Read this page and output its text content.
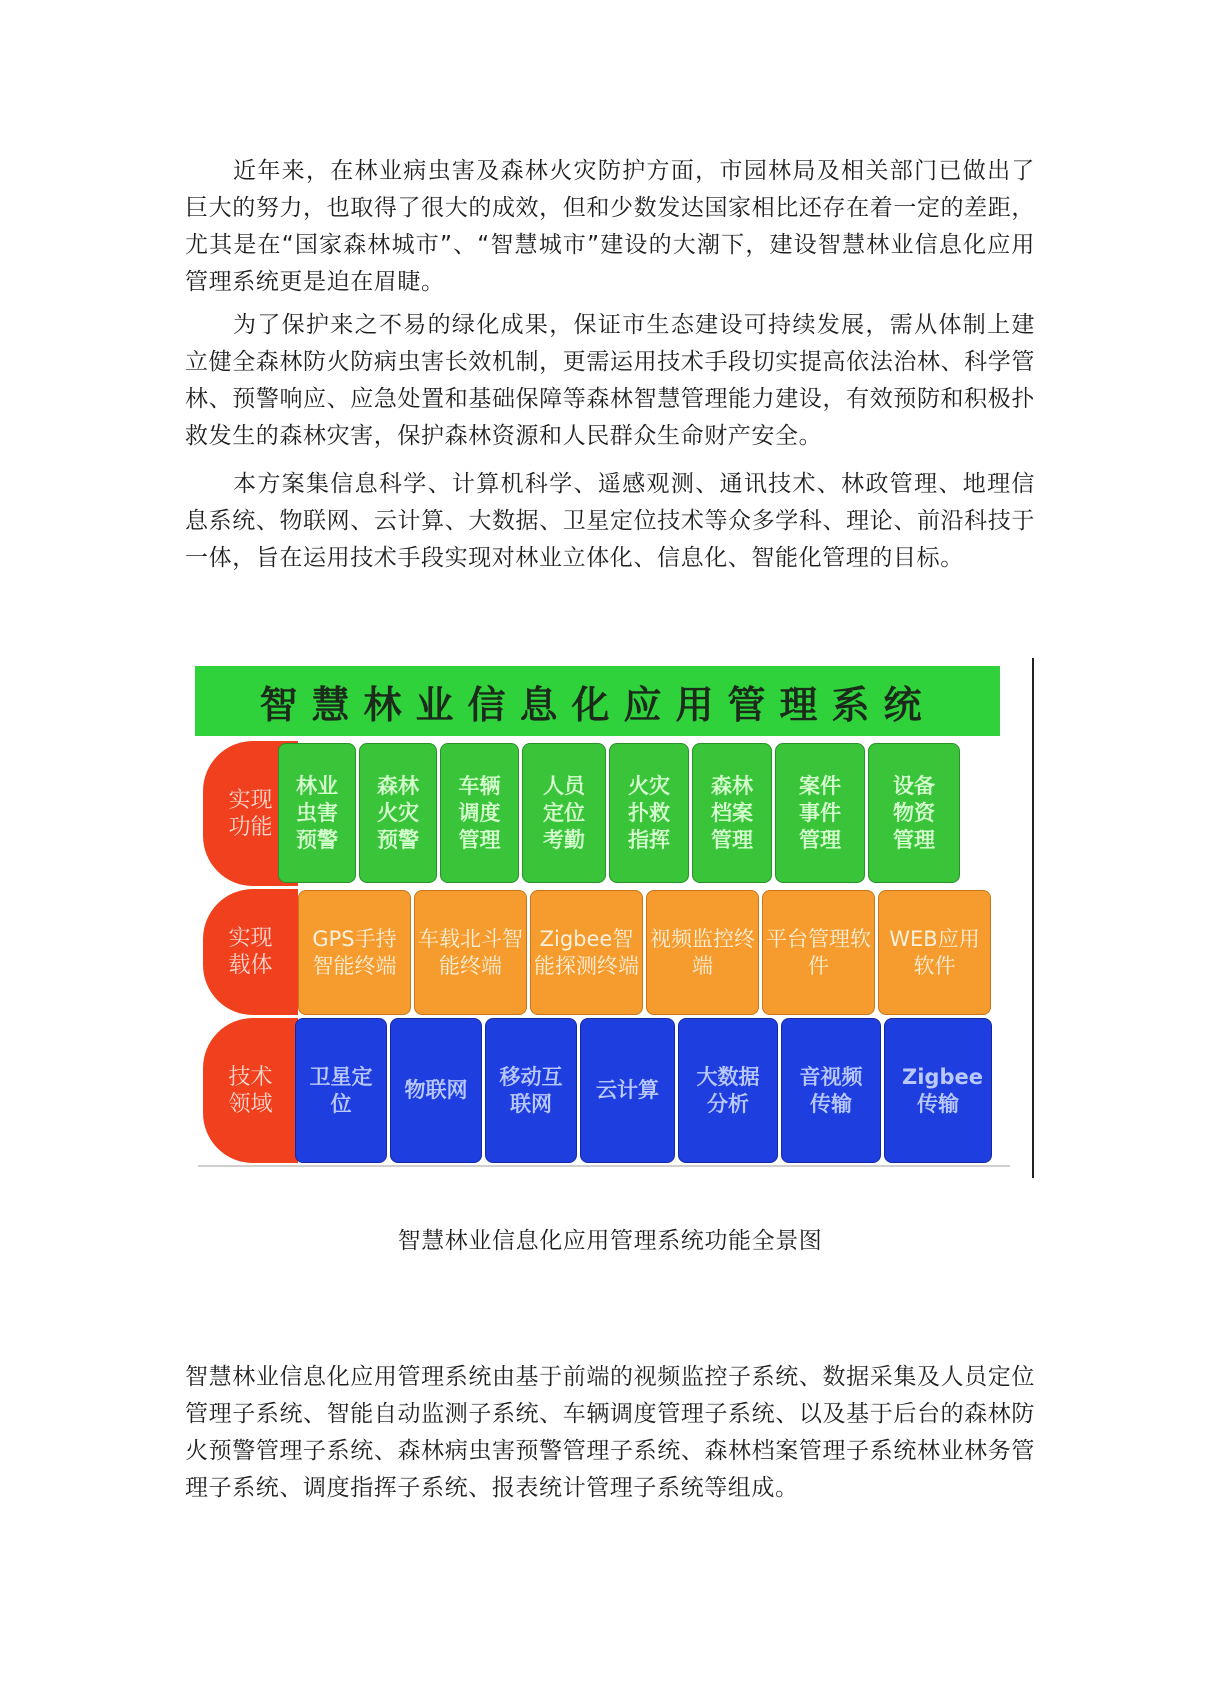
近年来，在林业病虫害及森林火灾防护方面，市园林局及相关部门已做出了巨大的努力，也取得了很大的成效，但和少数发达国家相比还存在着一定的差距，尤其是在“国家森林城市”、“智慧城市”建设的大潮下，建设智慧林业信息化应用管理系统更是迫在眉睫。

为了保护来之不易的绿化成果，保证市生态建设可持续发展，需从体制上建立健全森林防火防病虫害长效机制，更需运用技术手段切实提高依法治林、科学管林、预警响应、应急处置和基础保障等森林智慧管理能力建设，有效预防和积极扑救发生的森林灾害，保护森林资源和人民群众生命财产安全。

本方案集信息科学、计算机科学、遥感观测、通讯技术、林政管理、地理信息系统、物联网、云计算、大数据、卫星定位技术等众多学科、理论、前沿科技于一体，旨在运用技术手段实现对林业立体化、信息化、智能化管理的目标。

智慧林业信息化应用管理系统
实现功能
实现载体
技术领域
林业虫害预警
森林火灾预警
车辆调度管理
人员定位考勤
火灾扑救指挥
森林档案管理
案件事件管理
设备物资管理
GPS手持智能终端
车载北斗智能终端
Zigbee智能探测终端
视频监控终端
平台管理软件
WEB应用软件
卫星定位
物联网
移动互联网
云计算
大数据分析
音视频传输
Zigbee传输
智慧林业信息化应用管理系统功能全景图

智慧林业信息化应用管理系统由基于前端的视频监控子系统、数据采集及人员定位管理子系统、智能自动监测子系统、车辆调度管理子系统、以及基于后台的森林防火预警管理子系统、森林病虫害预警管理子系统、森林档案管理子系统林业林务管理子系统、调度指挥子系统、报表统计管理子系统等组成。
